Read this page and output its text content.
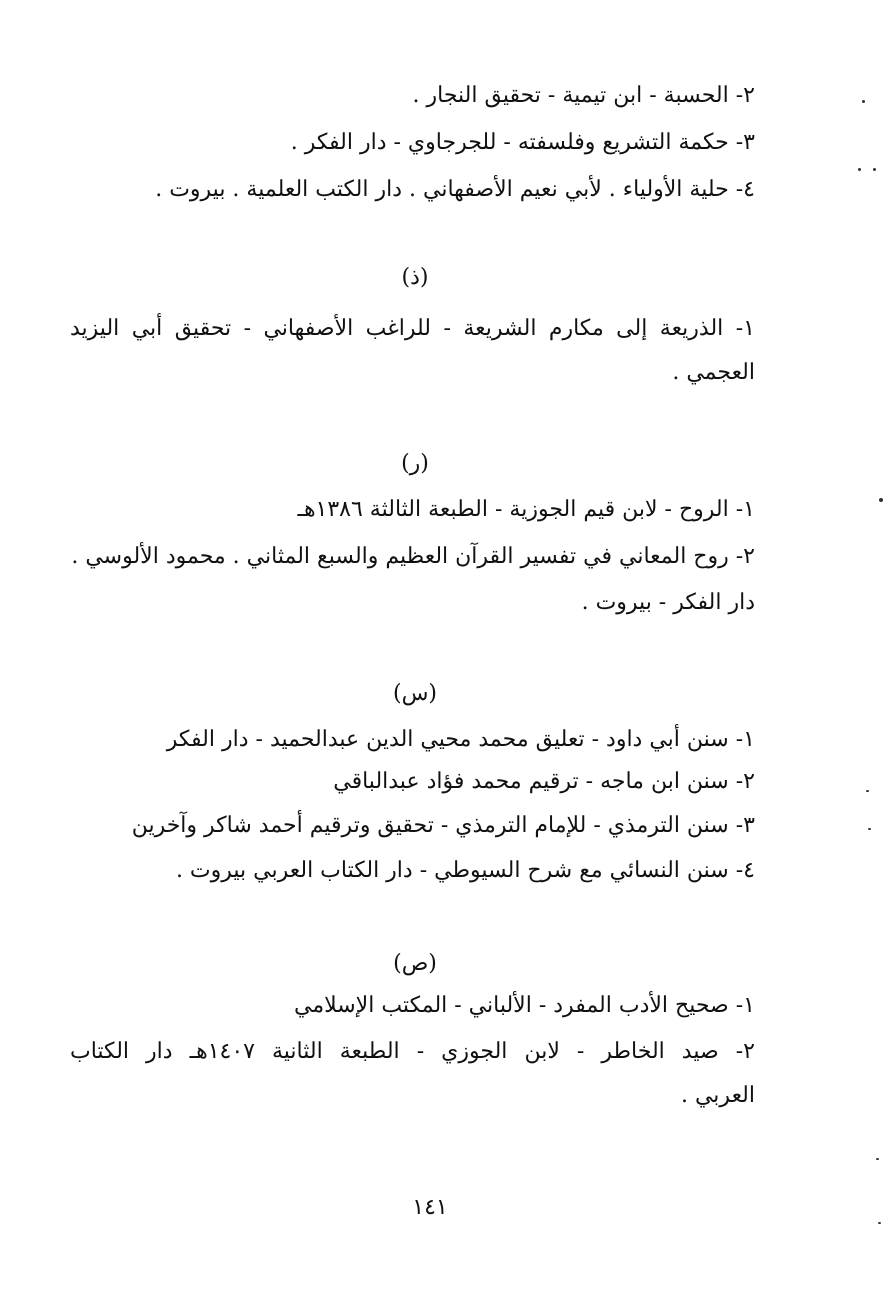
٢- الحسبة - ابن تيمية - تحقيق النجار .
٣- حكمة التشريع وفلسفته - للجرجاوي - دار الفكر .
٤- حلية الأولياء . لأبي نعيم الأصفهاني . دار الكتب العلمية . بيروت .
(ذ)
١- الذريعة إلى مكارم الشريعة - للراغب الأصفهاني - تحقيق أبي اليزيد
العجمي .
(ر)
١- الروح - لابن قيم الجوزية - الطبعة الثالثة ١٣٨٦هـ
٢- روح المعاني في تفسير القرآن العظيم والسبع المثاني . محمود الألوسي .
دار الفكر - بيروت .
(س)
١- سنن أبي داود - تعليق محمد محيي الدين عبدالحميد - دار الفكر
٢- سنن ابن ماجه - ترقيم محمد فؤاد عبدالباقي
٣- سنن الترمذي - للإمام الترمذي - تحقيق وترقيم أحمد شاكر وآخرين
٤- سنن النسائي مع شرح السيوطي - دار الكتاب العربي بيروت .
(ص)
١- صحيح الأدب المفرد - الألباني - المكتب الإسلامي
٢- صيد الخاطر - لابن الجوزي - الطبعة الثانية ١٤٠٧هـ دار الكتاب
العربي .
١٤١
